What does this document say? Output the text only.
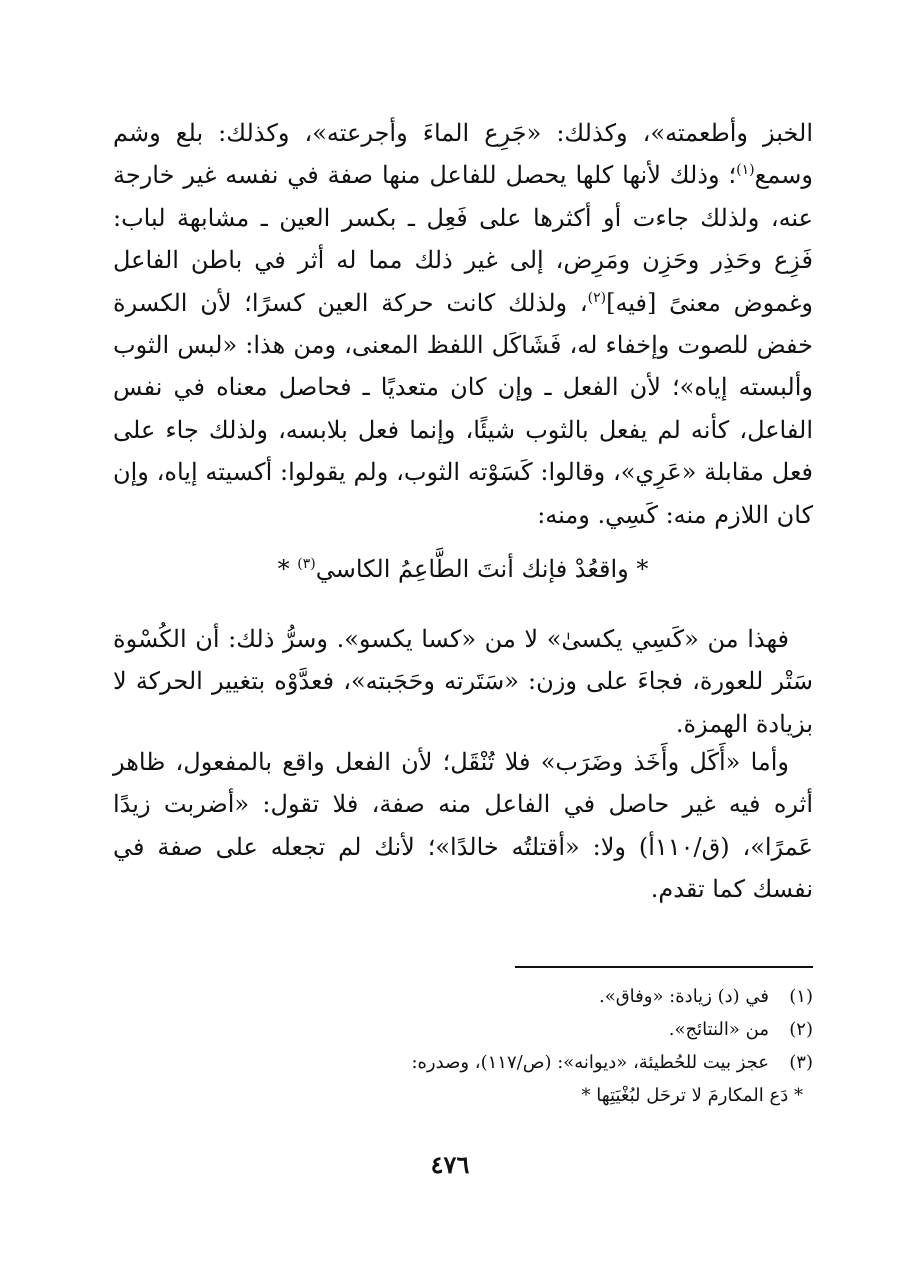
الخبز وأطعمته»، وكذلك: «جَرِع الماءَ وأجرعته»، وكذلك: بلع وشم وسمع$^{(١)}$؛ وذلك لأنها كلها يحصل للفاعل منها صفة في نفسه غير خارجة عنه، ولذلك جاءت أو أكثرها على فَعِل ـ بكسر العين ـ مشابهة لباب: فَزِع وحَذِر وحَزِن ومَرِض، إلى غير ذلك مما له أثر في باطن الفاعل وغموض معنىً [فيه]$^{(٢)}$، ولذلك كانت حركة العين كسرًا؛ لأن الكسرة خفض للصوت وإخفاء له، فَشَاكَل اللفظ المعنى، ومن هذا: «لبس الثوب وألبسته إياه»؛ لأن الفعل ـ وإن كان متعديًا ـ فحاصل معناه في نفس الفاعل، كأنه لم يفعل بالثوب شيئًا، وإنما فعل بلابسه، ولذلك جاء على فعل مقابلة «عَرِي»، وقالوا: كَسَوْته الثوب، ولم يقولوا: أكسيته إياه، وإن كان اللازم منه: كَسِي. ومنه:

* واقعُدْ فإنك أنتَ الطَّاعِمُ الكاسي$^{(٣)}$ *
فهذا من «كَسِي يكسىٰ» لا من «كسا يكسو». وسرُّ ذلك: أن الكُسْوة سَتْر للعورة، فجاءَ على وزن: «سَتَرته وحَجَبته»، فعدَّوْه بتغيير الحركة لا بزيادة الهمزة.
وأما «أَكَل وأَخَذ وضَرَب» فلا تُنْقَل؛ لأن الفعل واقع بالمفعول، ظاهر أثره فيه غير حاصل في الفاعل منه صفة، فلا تقول: «أضربت زيدًا عَمرًا»، (ق/١١٠أ) ولا: «أقتلتُه خالدًا»؛ لأنك لم تجعله على صفة في نفسك كما تقدم.
(١)
في (د) زيادة: «وفاق».
(٢)
من «النتائج».
(٣)
عجز بيت للحُطيئة، «ديوانه»: (ص/١١٧)، وصدره:
* دَع المكارمَ لا ترحَل لبُغْيَتِها *
٤٧٦
